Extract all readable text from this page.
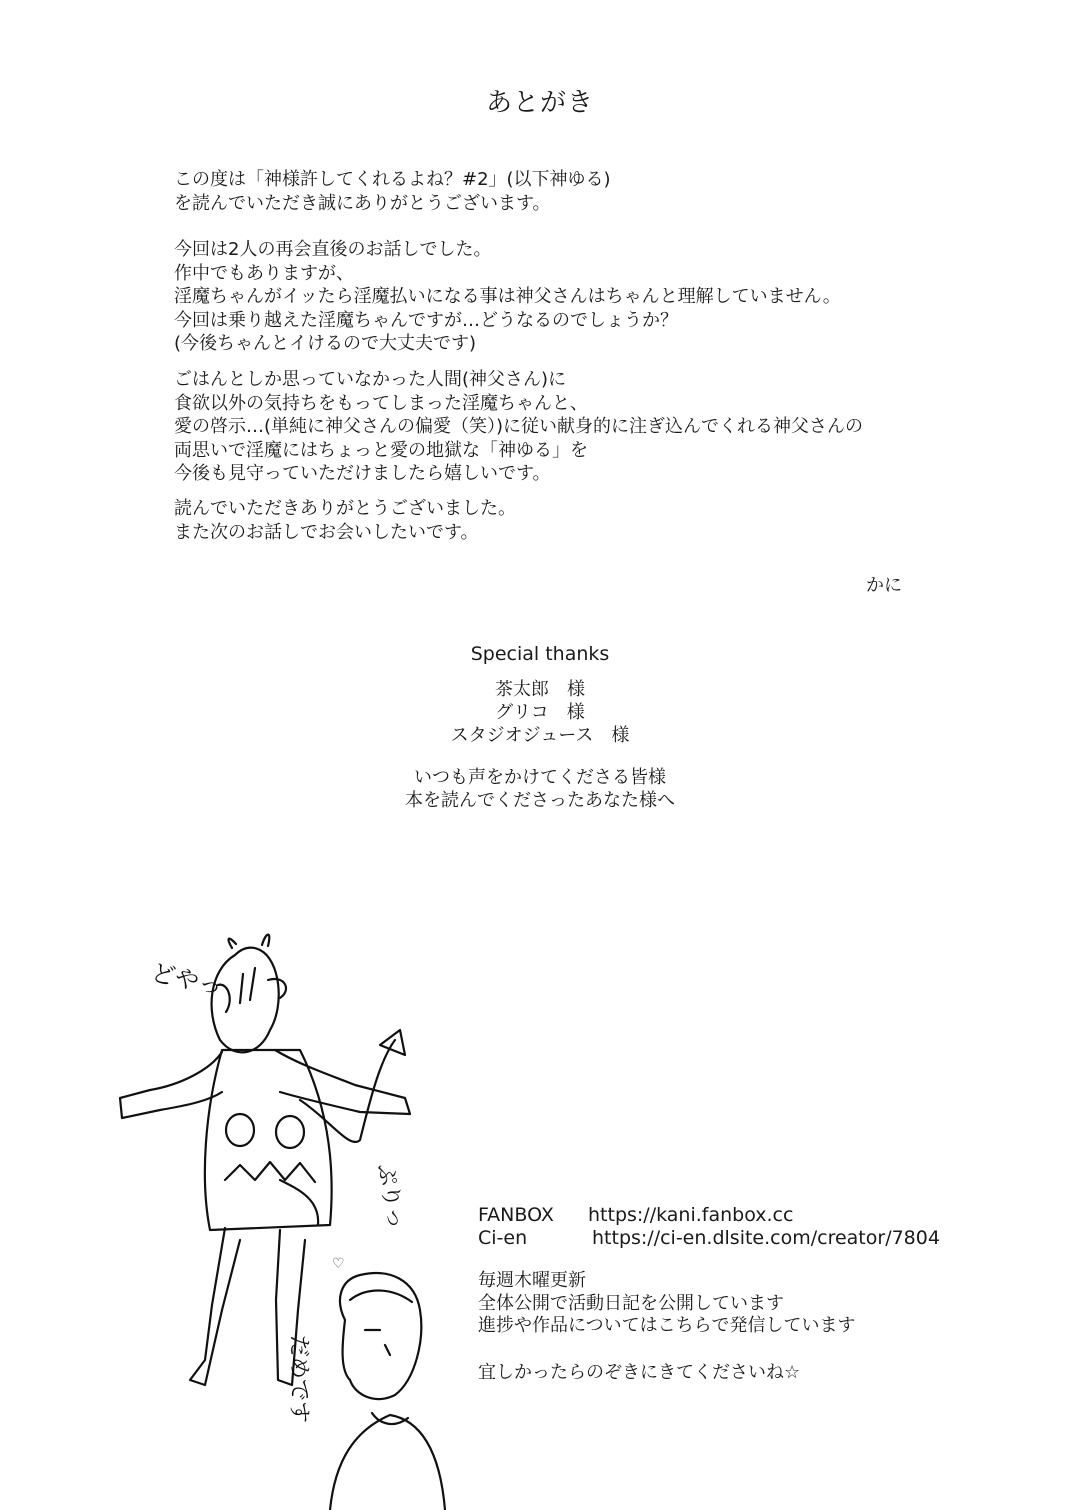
あとがき
この度は「神様許してくれるよね？#2」(以下神ゆる)
を読んでいただき誠にありがとうございます。
今回は2人の再会直後のお話しでした。
作中でもありますが、
淫魔ちゃんがイッたら淫魔払いになる事は神父さんはちゃんと理解していません。
今回は乗り越えた淫魔ちゃんですが…どうなるのでしょうか？
(今後ちゃんとイけるので大丈夫です)
ごはんとしか思っていなかった人間(神父さん)に
食欲以外の気持ちをもってしまった淫魔ちゃんと、
愛の啓示…(単純に神父さんの偏愛（笑）)に従い献身的に注ぎ込んでくれる神父さんの
両思いで淫魔にはちょっと愛の地獄な「神ゆる」を
今後も見守っていただけましたら嬉しいです。
読んでいただきありがとうございました。
また次のお話しでお会いしたいです。
かに
Special thanks
茶太郎　様
グリコ　様
スタジオジュース　様
いつも声をかけてくださる皆様
本を読んでくださったあなた様へ
どやっ
ぷりっ
だめです
♡
FANBOX https://kani.fanbox.cc
Ci-en	https://ci-en.dlsite.com/creator/7804
毎週木曜更新
全体公開で活動日記を公開しています
進捗や作品についてはこちらで発信しています
宜しかったらのぞきにきてくださいね☆
